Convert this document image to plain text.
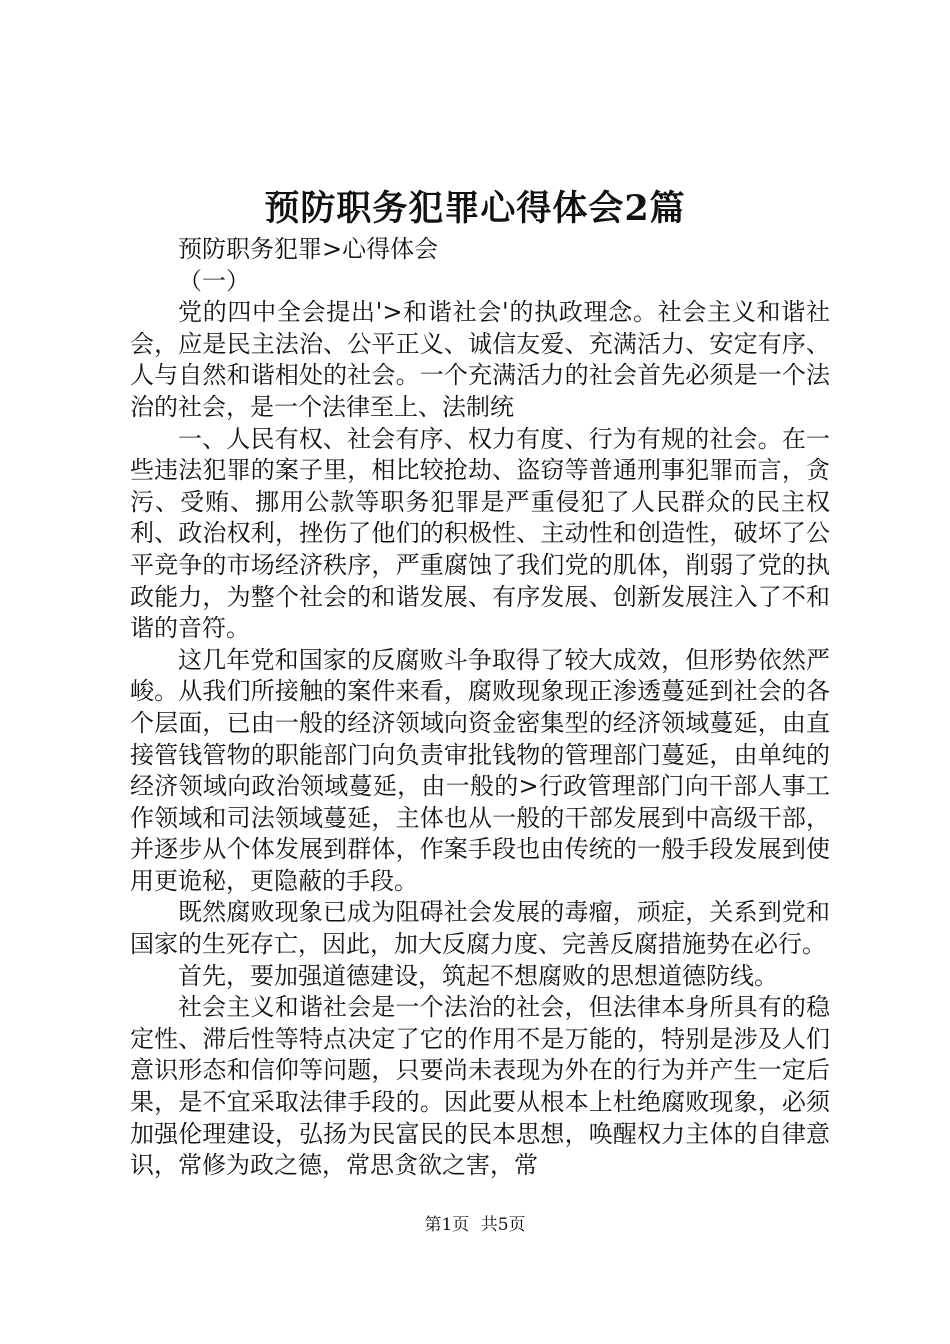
预防职务犯罪心得体会2篇

预防职务犯罪>心得体会

（一）

党的四中全会提出'>和谐社会'的执政理念。社会主义和谐社会，应是民主法治、公平正义、诚信友爱、充满活力、安定有序、人与自然和谐相处的社会。一个充满活力的社会首先必须是一个法治的社会，是一个法律至上、法制统

一、人民有权、社会有序、权力有度、行为有规的社会。在一些违法犯罪的案子里，相比较抢劫、盗窃等普通刑事犯罪而言，贪污、受贿、挪用公款等职务犯罪是严重侵犯了人民群众的民主权利、政治权利，挫伤了他们的积极性、主动性和创造性，破坏了公平竞争的市场经济秩序，严重腐蚀了我们党的肌体，削弱了党的执政能力，为整个社会的和谐发展、有序发展、创新发展注入了不和谐的音符。

这几年党和国家的反腐败斗争取得了较大成效，但形势依然严峻。从我们所接触的案件来看，腐败现象现正渗透蔓延到社会的各个层面，已由一般的经济领域向资金密集型的经济领域蔓延，由直接管钱管物的职能部门向负责审批钱物的管理部门蔓延，由单纯的经济领域向政治领域蔓延，由一般的>行政管理部门向干部人事工作领域和司法领域蔓延，主体也从一般的干部发展到中高级干部，并逐步从个体发展到群体，作案手段也由传统的一般手段发展到使用更诡秘，更隐蔽的手段。

既然腐败现象已成为阻碍社会发展的毒瘤，顽症，关系到党和国家的生死存亡，因此，加大反腐力度、完善反腐措施势在必行。

首先，要加强道德建设，筑起不想腐败的思想道德防线。

社会主义和谐社会是一个法治的社会，但法律本身所具有的稳定性、滞后性等特点决定了它的作用不是万能的，特别是涉及人们意识形态和信仰等问题，只要尚未表现为外在的行为并产生一定后果，是不宜采取法律手段的。因此要从根本上杜绝腐败现象，必须加强伦理建设，弘扬为民富民的民本思想，唤醒权力主体的自律意识，常修为政之德，常思贪欲之害，常

第1页 共5页
